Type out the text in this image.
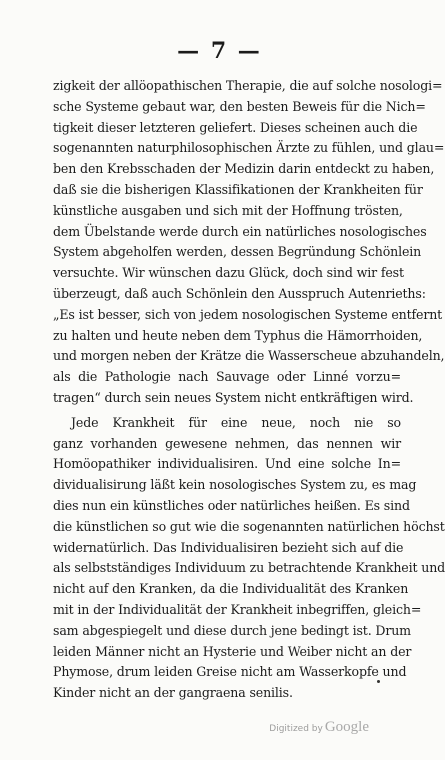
— 7 —
zigkeit der allöopathischen Therapie, die auf solche nosologi=
sche Systeme gebaut war, den besten Beweis für die Nich=
tigkeit dieser letzteren geliefert. Dieses scheinen auch die
sogenannten naturphilosophischen Ärzte zu fühlen, und glau=
ben den Krebsschaden der Medizin darin entdeckt zu haben,
daß sie die bisherigen Klassifikationen der Krankheiten für
künstliche ausgaben und sich mit der Hoffnung trösten,
dem Übelstande werde durch ein natürliches nosologisches
System abgeholfen werden, dessen Begründung Schönlein
versuchte. Wir wünschen dazu Glück, doch sind wir fest
überzeugt, daß auch Schönlein den Ausspruch Autenrieths:
„Es ist besser, sich von jedem nosologischen Systeme entfernt
zu halten und heute neben dem Typhus die Hämorrhoiden,
und morgen neben der Krätze die Wasserscheue abzuhandeln,
als die Pathologie nach Sauvage oder Linné vorzu=
tragen“ durch sein neues System nicht entkräftigen wird.
Jede Krankheit für eine neue, noch nie so
ganz vorhanden gewesene nehmen, das nennen wir
Homöopathiker individualisiren. Und eine solche In=
dividualisirung läßt kein nosologisches System zu, es mag
dies nun ein künstliches oder natürliches heißen. Es sind
die künstlichen so gut wie die sogenannten natürlichen höchst
widernatürlich. Das Individualisiren bezieht sich auf die
als selbstständiges Individuum zu betrachtende Krankheit und
nicht auf den Kranken, da die Individualität des Kranken
mit in der Individualität der Krankheit inbegriffen, gleich=
sam abgespiegelt und diese durch jene bedingt ist. Drum
leiden Männer nicht an Hysterie und Weiber nicht an der
Phymose, drum leiden Greise nicht am Wasserkopfe und
Kinder nicht an der gangraena senilis.
Digitized by Google
